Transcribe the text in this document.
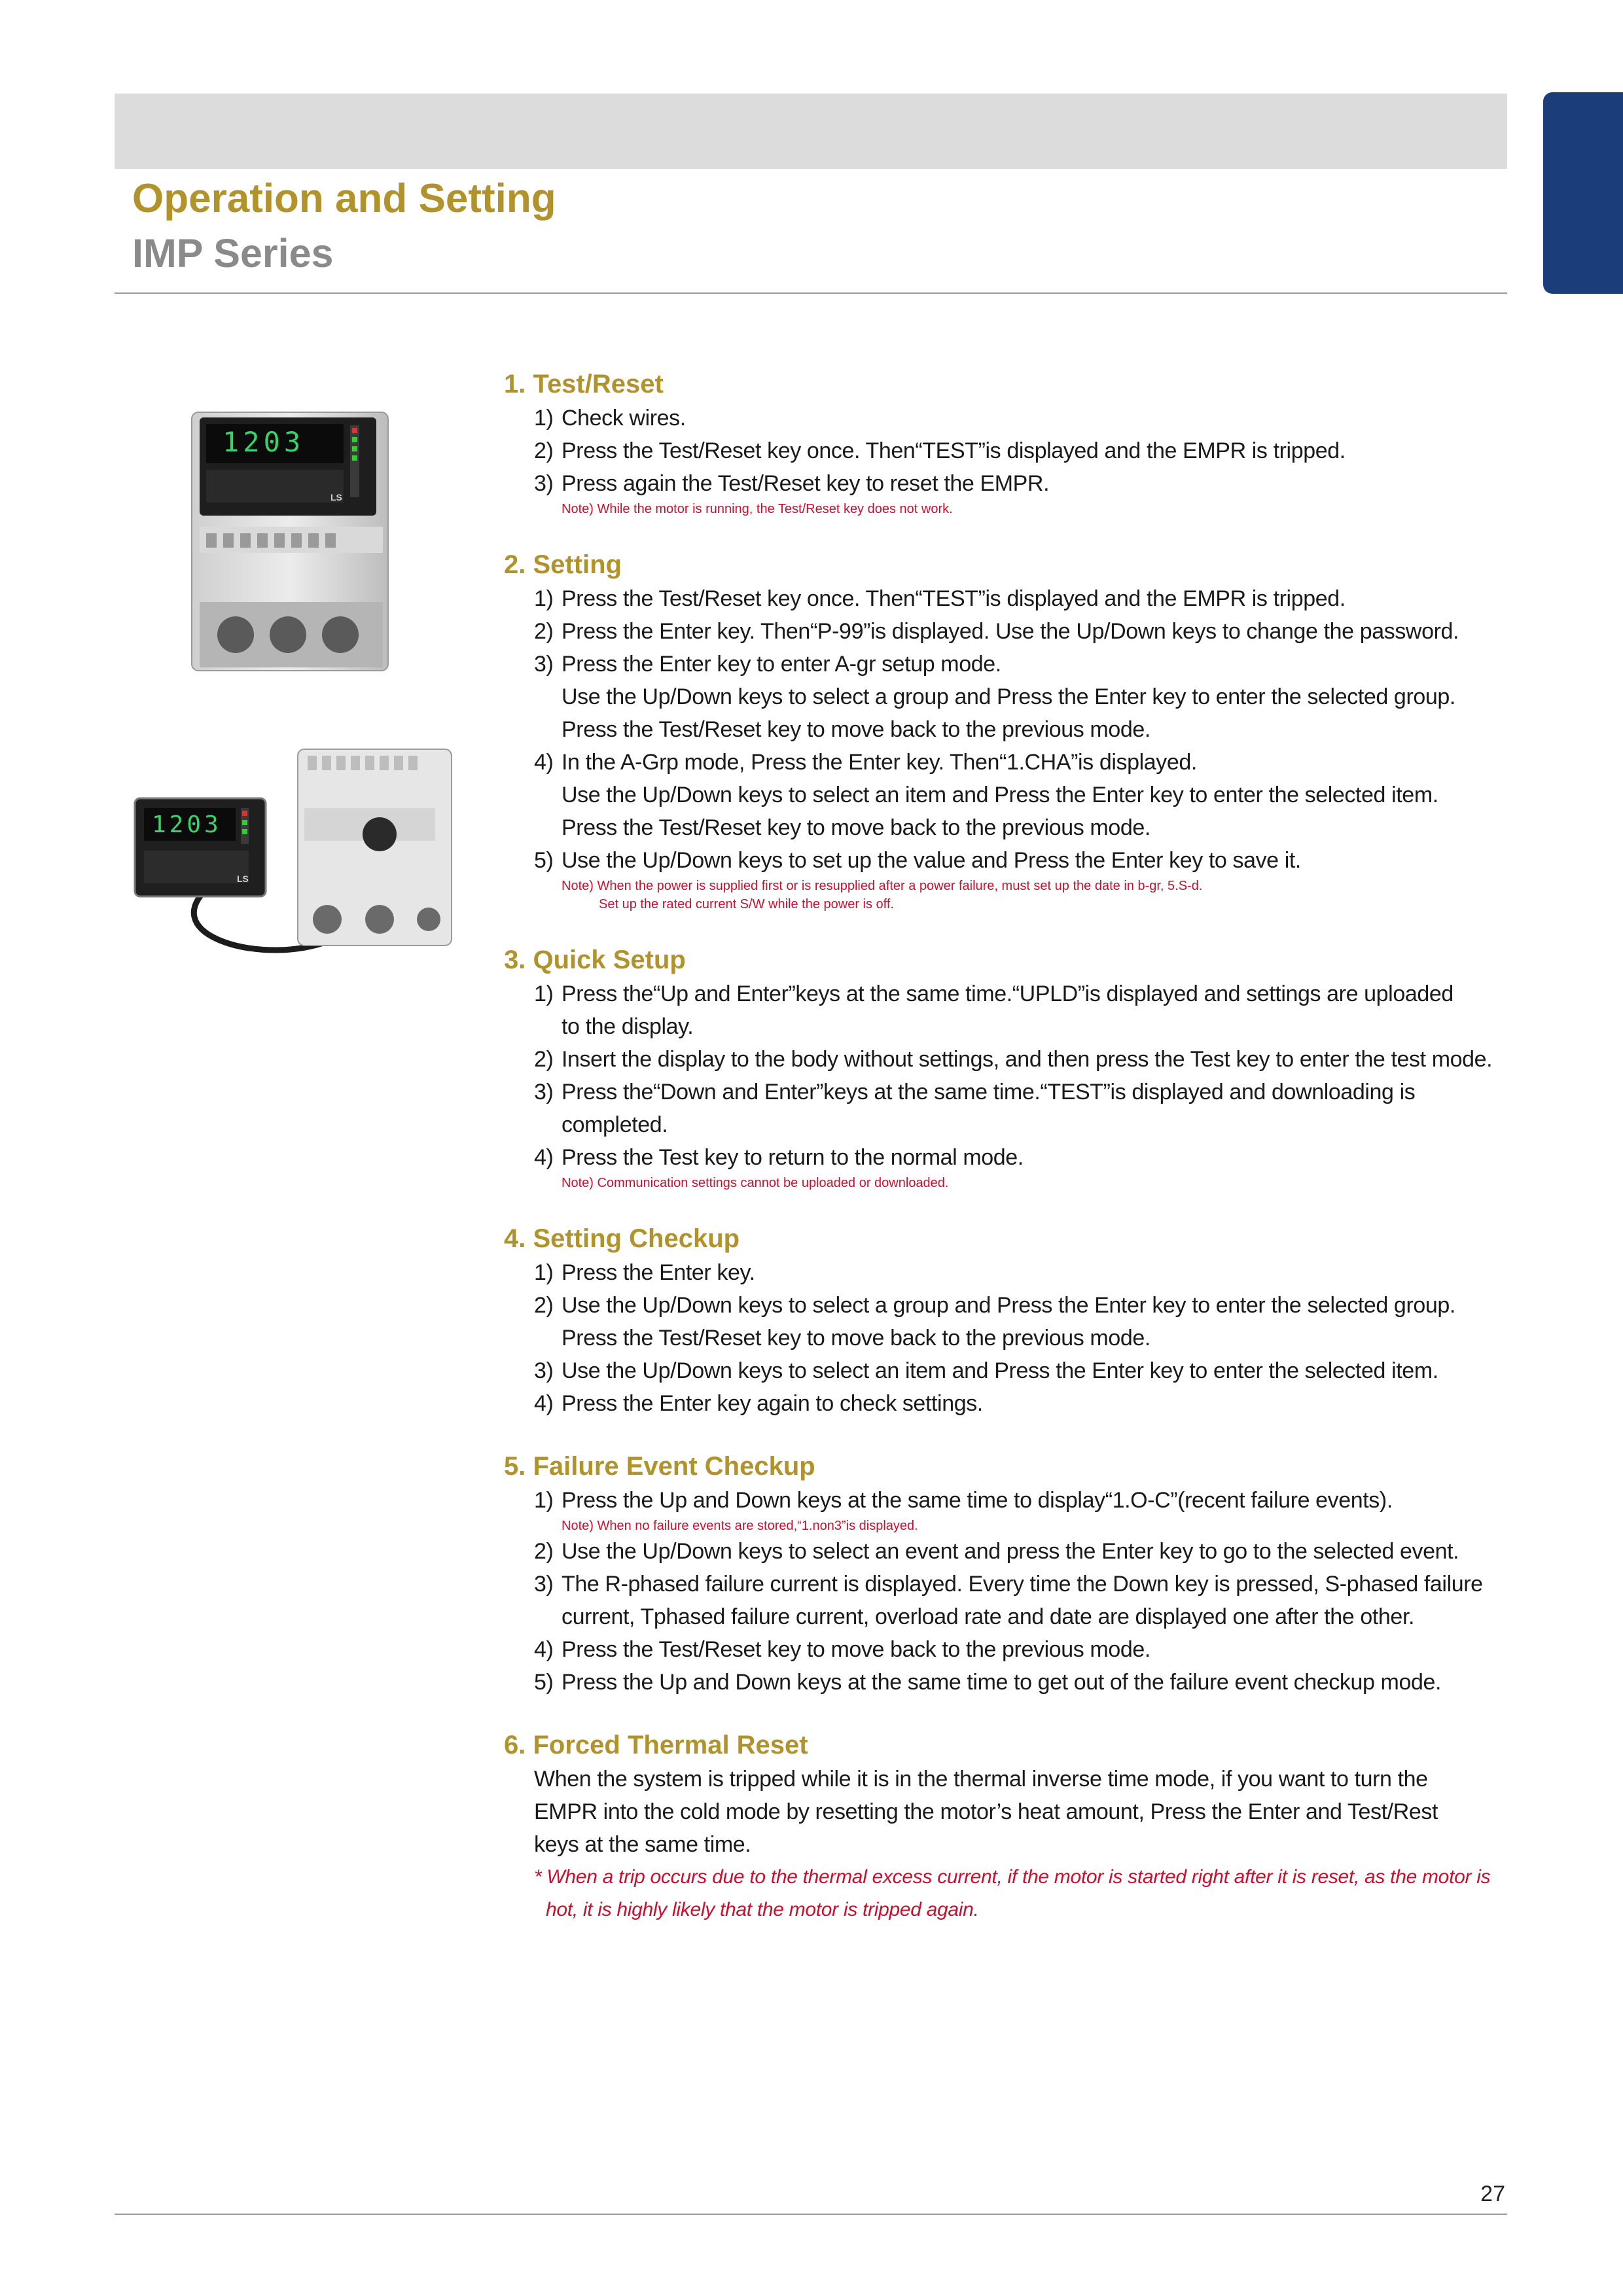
Operation and Setting
IMP Series
1203
LS
1203
LS
1. Test/Reset
1) Check wires.
2) Press the Test/Reset key once. Then“TEST”is displayed and the EMPR is tripped.
3) Press again the Test/Reset key to reset the EMPR.
Note) While the motor is running, the Test/Reset key does not work.
2. Setting
1) Press the Test/Reset key once. Then“TEST”is displayed and the EMPR is tripped.
2) Press the Enter key. Then“P-99”is displayed. Use the Up/Down keys to change the password.
3) Press the Enter key to enter A-gr setup mode.
Use the Up/Down keys to select a group and Press the Enter key to enter the selected group.
Press the Test/Reset key to move back to the previous mode.
4) In the A-Grp mode, Press the Enter key. Then“1.CHA”is displayed.
Use the Up/Down keys to select an item and Press the Enter key to enter the selected item.
Press the Test/Reset key to move back to the previous mode.
5) Use the Up/Down keys to set up the value and Press the Enter key to save it.
Note) When the power is supplied first or is resupplied after a power failure, must set up the date in b-gr, 5.S-d.
Set up the rated current S/W while the power is off.
3. Quick Setup
1) Press the“Up and Enter”keys at the same time.“UPLD”is displayed and settings are uploaded
to the display.
2) Insert the display to the body without settings, and then press the Test key to enter the test mode.
3) Press the“Down and Enter”keys at the same time.“TEST”is displayed and downloading is
completed.
4) Press the Test key to return to the normal mode.
Note) Communication settings cannot be uploaded or downloaded.
4. Setting Checkup
1) Press the Enter key.
2) Use the Up/Down keys to select a group and Press the Enter key to enter the selected group.
Press the Test/Reset key to move back to the previous mode.
3) Use the Up/Down keys to select an item and Press the Enter key to enter the selected item.
4) Press the Enter key again to check settings.
5. Failure Event Checkup
1) Press the Up and Down keys at the same time to display“1.O-C”(recent failure events).
Note) When no failure events are stored,“1.non3”is displayed.
2) Use the Up/Down keys to select an event and press the Enter key to go to the selected event.
3) The R-phased failure current is displayed. Every time the Down key is pressed, S-phased failure
current, Tphased failure current, overload rate and date are displayed one after the other.
4) Press the Test/Reset key to move back to the previous mode.
5) Press the Up and Down keys at the same time to get out of the failure event checkup mode.
6. Forced Thermal Reset
When the system is tripped while it is in the thermal inverse time mode, if you want to turn the
EMPR into the cold mode by resetting the motor’s heat amount, Press the Enter and Test/Rest
keys at the same time.
* When a trip occurs due to the thermal excess current, if the motor is started right after it is reset, as the motor is
hot, it is highly likely that the motor is tripped again.
27
